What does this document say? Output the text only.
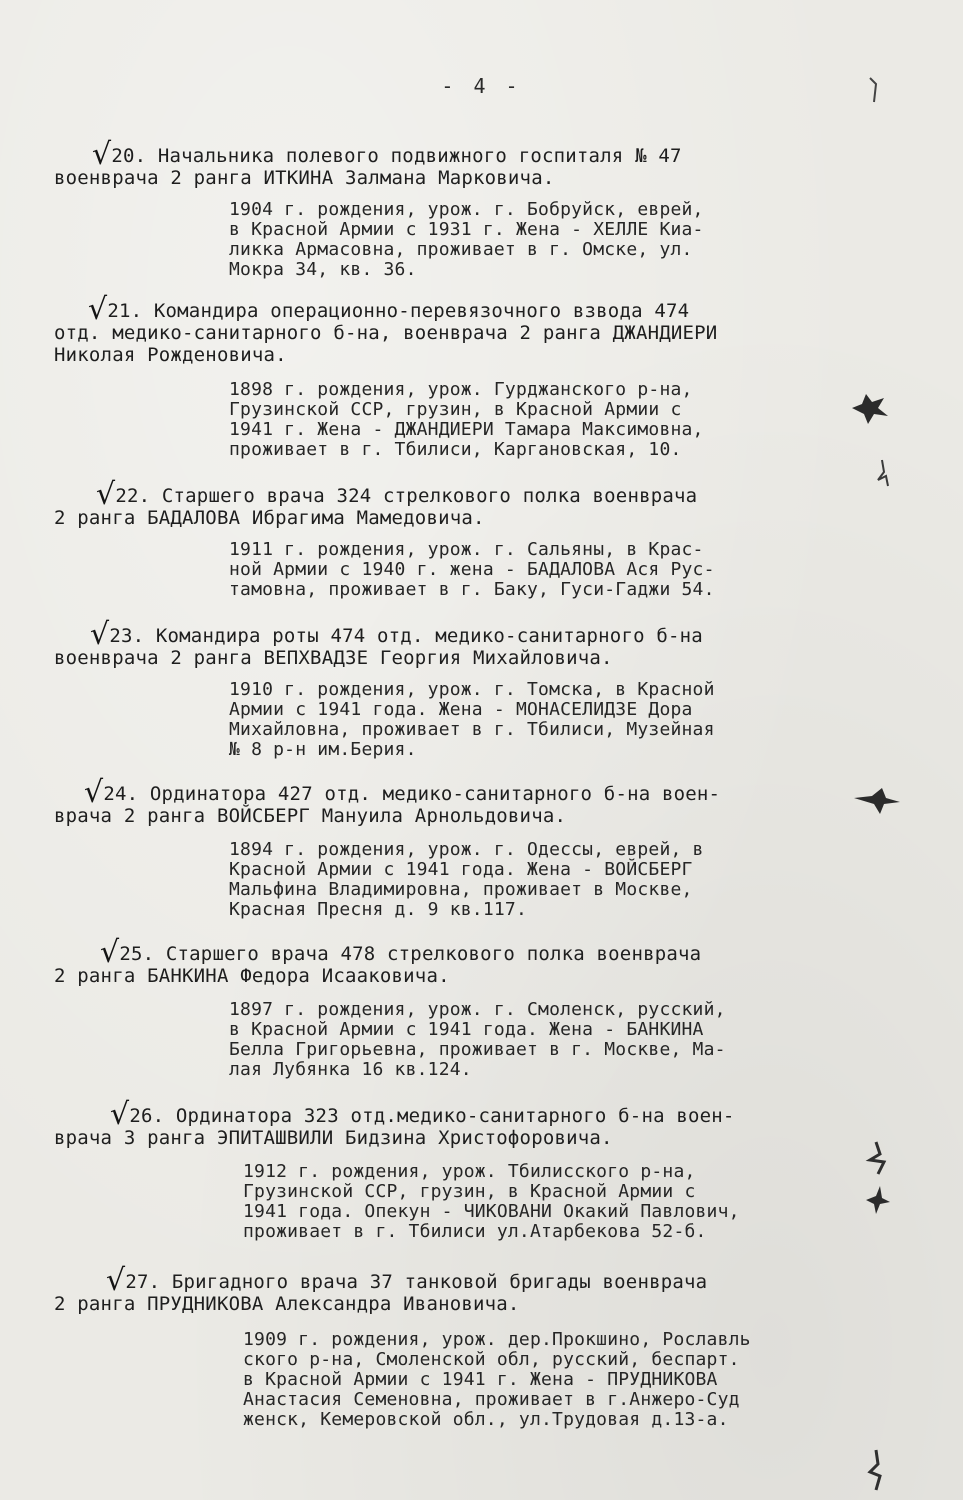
- 4 -
√20. Начальника полевого подвижного госпиталя № 47
военврача 2 ранга ИТКИНА Залмана Марковича.
1904 г. рождения, урож. г. Бобруйск, еврей,
в Красной Армии с 1931 г. Жена - ХЕЛЛЕ Киа-
ликка Армасовна, проживает в г. Омске, ул.
Мокра 34, кв. 36.
√21. Командира операционно-перевязочного взвода 474
отд. медико-санитарного б-на, военврача 2 ранга ДЖАНДИЕРИ
Николая Рожденовича.
1898 г. рождения, урож. Гурджанского р-на,
Грузинской ССР, грузин, в Красной Армии с
1941 г. Жена - ДЖАНДИЕРИ Тамара Максимовна,
проживает в г. Тбилиси, Каргановская, 10.
√22. Старшего врача 324 стрелкового полка военврача
2 ранга БАДАЛОВА Ибрагима Мамедовича.
1911 г. рождения, урож. г. Сальяны, в Крас-
ной Армии с 1940 г. жена - БАДАЛОВА Ася Рус-
тамовна, проживает в г. Баку, Гуси-Гаджи 54.
√23. Командира роты 474 отд. медико-санитарного б-на
военврача 2 ранга ВЕПХВАДЗЕ Георгия Михайловича.
1910 г. рождения, урож. г. Томска, в Красной
Армии с 1941 года. Жена - МОНАСЕЛИДЗЕ Дора
Михайловна, проживает в г. Тбилиси, Музейная
№ 8 р-н им.Берия.
√24. Ординатора 427 отд. медико-санитарного б-на воен-
врача 2 ранга ВОЙСБЕРГ Мануила Арнольдовича.
1894 г. рождения, урож. г. Одессы, еврей, в
Красной Армии с 1941 года. Жена - ВОЙСБЕРГ
Мальфина Владимировна, проживает в Москве,
Красная Пресня д. 9 кв.117.
√25. Старшего врача 478 стрелкового полка военврача
2 ранга БАНКИНА Федора Исааковича.
1897 г. рождения, урож. г. Смоленск, русский,
в Красной Армии с 1941 года. Жена - БАНКИНА
Белла Григорьевна, проживает в г. Москве, Ма-
лая Лубянка 16 кв.124.
√26. Ординатора 323 отд.медико-санитарного б-на воен-
врача 3 ранга ЭПИТАШВИЛИ Бидзина Христофоровича.
1912 г. рождения, урож. Тбилисского р-на,
Грузинской ССР, грузин, в Красной Армии с
1941 года. Опекун - ЧИКОВАНИ Окакий Павлович,
проживает в г. Тбилиси ул.Атарбекова 52-б.
√27. Бригадного врача 37 танковой бригады военврача
2 ранга ПРУДНИКОВА Александра Ивановича.
1909 г. рождения, урож. дер.Прокшино, Рославль
ского р-на, Смоленской обл, русский, беспарт.
в Красной Армии с 1941 г. Жена - ПРУДНИКОВА
Анастасия Семеновна, проживает в г.Анжеро-Суд
женск, Кемеровской обл., ул.Трудовая д.13-а.
